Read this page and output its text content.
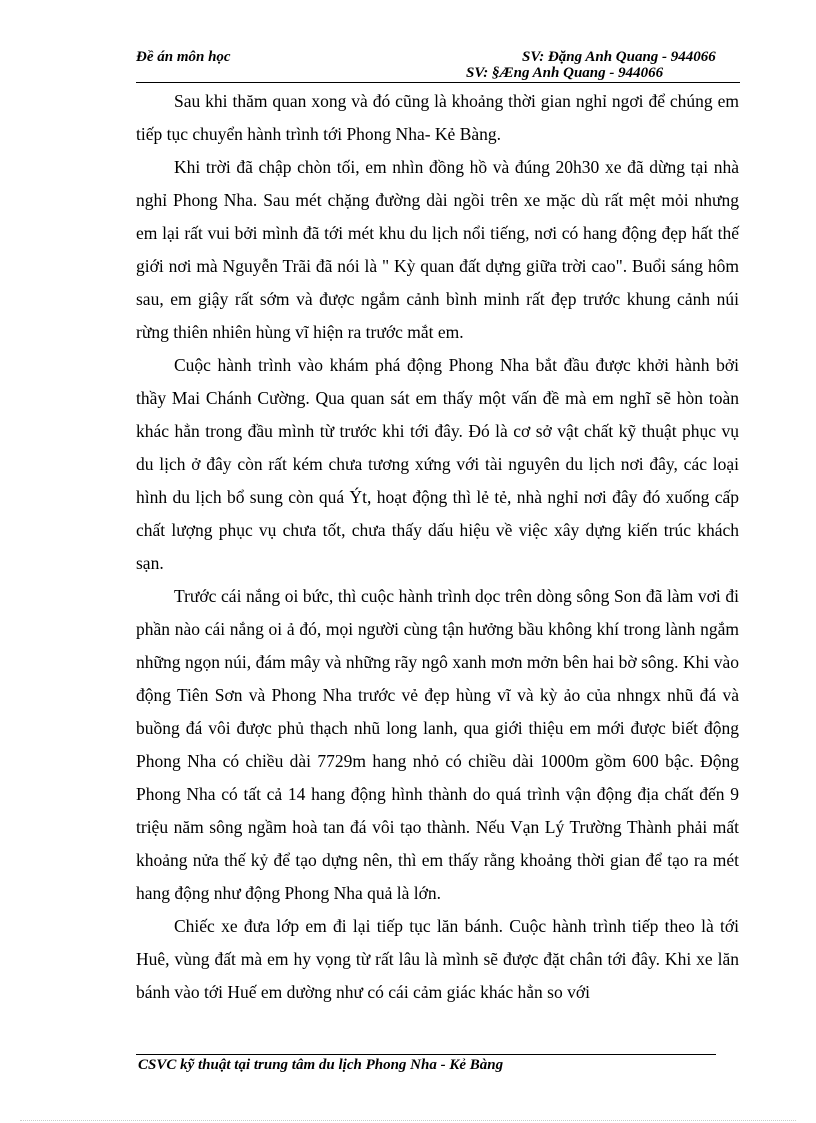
Đề án môn học	SV: Đặng Anh Quang - 944066
SV: §Æng Anh Quang - 944066

Sau khi thăm quan xong và đó cũng là khoảng thời gian nghỉ ngơi để chúng em tiếp tục chuyển hành trình tới Phong Nha- Kẻ Bàng.

Khi trời đã chập chòn tối, em nhìn đồng hồ và đúng 20h30 xe đã dừng tại nhà nghỉ Phong Nha. Sau mét chặng đường dài ngồi trên xe mặc dù rất mệt mỏi nhưng em lại rất vui bởi mình đã tới mét khu du lịch nổi tiếng, nơi có hang động đẹp hất thế giới nơi mà Nguyễn Trãi đã nói là " Kỳ quan đất dựng giữa trời cao". Buổi sáng hôm sau, em giậy rất sớm và được ngắm cảnh bình minh rất đẹp trước khung cảnh núi rừng thiên nhiên hùng vĩ hiện ra trước mắt em.

Cuộc hành trình vào khám phá động Phong Nha bắt đầu được khởi hành bởi thầy Mai Chánh Cường. Qua quan sát em thấy một vấn đề mà em nghĩ sẽ hòn toàn khác hẳn trong đầu mình từ trước khi tới đây. Đó là cơ sở vật chất kỹ thuật phục vụ du lịch ở đây còn rất kém chưa tương xứng với tài nguyên du lịch nơi đây, các loại hình du lịch bổ sung còn quá Ýt, hoạt động thì lẻ tẻ, nhà nghỉ nơi đây đó xuống cấp chất lượng phục vụ chưa tốt, chưa thấy dấu hiệu về việc xây dựng kiến trúc khách sạn.

Trước cái nắng oi bức, thì cuộc hành trình dọc trên dòng sông Son đã làm vơi đi phần nào cái nắng oi ả đó, mọi người cùng tận hưởng bầu không khí trong lành ngắm những ngọn núi, đám mây và những rãy ngô xanh mơn mởn bên hai bờ sông. Khi vào động Tiên Sơn và Phong Nha trước vẻ đẹp hùng vĩ và kỳ ảo của nhngx nhũ đá và buồng đá vôi được phủ thạch nhũ long lanh, qua giới thiệu em mới được biết động Phong Nha có chiều dài 7729m hang nhỏ có chiều dài 1000m gồm 600 bậc. Động Phong Nha có tất cả 14 hang động hình thành do quá trình vận động địa chất đến 9 triệu năm sông ngầm hoà tan đá vôi tạo thành. Nếu Vạn Lý Trường Thành phải mất khoảng nửa thế kỷ để tạo dựng nên, thì em thấy rằng khoảng thời gian để tạo ra mét hang động như động Phong Nha quả là lớn.

Chiếc xe đưa lớp em đi lại tiếp tục lăn bánh. Cuộc hành trình tiếp theo là tới Huê, vùng đất mà em hy vọng từ rất lâu là mình sẽ được đặt chân tới đây. Khi xe lăn bánh vào tới Huế em dường như có cái cảm giác khác hẳn so với

CSVC kỹ thuật tại trung tâm du lịch Phong Nha - Kẻ Bàng
